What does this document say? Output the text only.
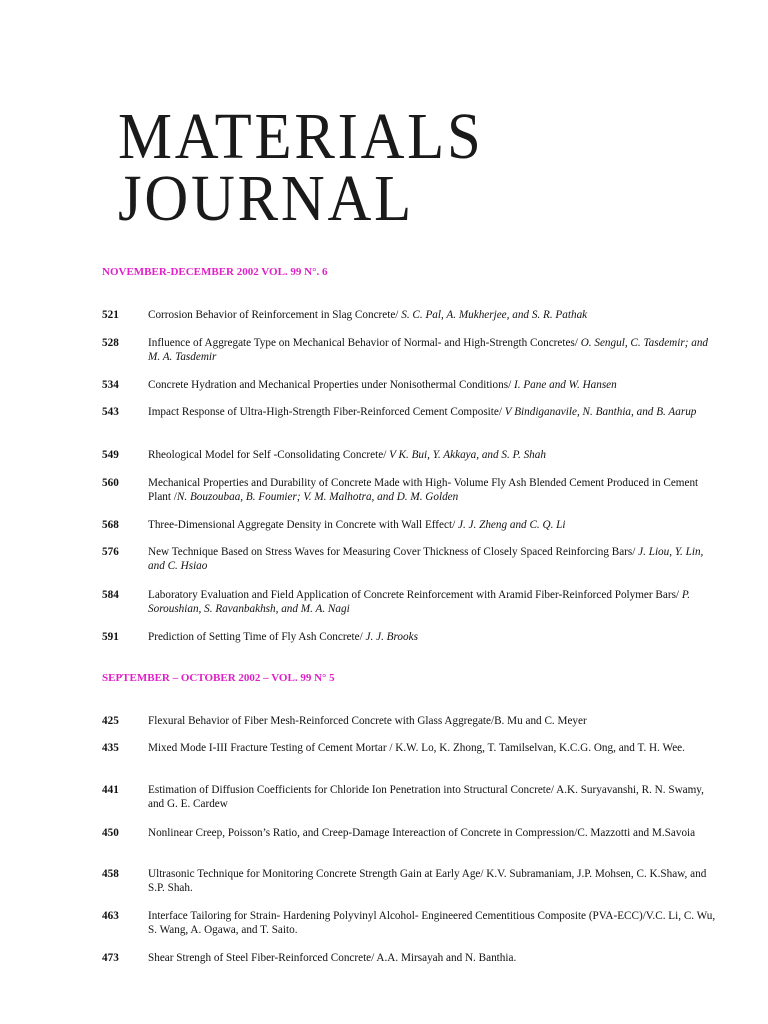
MATERIALS
JOURNAL
NOVEMBER-DECEMBER 2002 VOL. 99 N°. 6
521	Corrosion Behavior of Reinforcement in Slag Concrete/ S. C. Pal, A. Mukherjee, and S. R. Pathak
528	Influence of Aggregate Type on Mechanical Behavior of Normal- and High-Strength Concretes/ O. Sengul, C. Tasdemir; and M. A. Tasdemir
534	Concrete Hydration and Mechanical Properties under Nonisothermal Conditions/ I. Pane and W. Hansen
543	Impact Response of Ultra-High-Strength Fiber-Reinforced Cement Composite/ V Bindiganavile, N. Banthia, and B. Aarup
549	Rheological Model for Self -Consolidating Concrete/ V K. Bui, Y. Akkaya, and S. P. Shah
560	Mechanical Properties and Durability of Concrete Made with High- Volume Fly Ash Blended Cement Produced in Cement Plant /N. Bouzoubaa, B. Foumier; V. M. Malhotra, and D. M. Golden
568	Three-Dimensional Aggregate Density in Concrete with Wall Effect/ J. J. Zheng and C. Q. Li
576	New Technique Based on Stress Waves for Measuring Cover Thickness of Closely Spaced Reinforcing Bars/ J. Liou, Y. Lin, and C. Hsiao
584	Laboratory Evaluation and Field Application of Concrete Reinforcement with Aramid Fiber-Reinforced Polymer Bars/ P. Soroushian, S. Ravanbakhsh, and M. A. Nagi
591	Prediction of Setting Time of Fly Ash Concrete/ J. J. Brooks
SEPTEMBER – OCTOBER 2002 – VOL. 99 N° 5
425	Flexural Behavior of Fiber Mesh-Reinforced Concrete with Glass Aggregate/B. Mu and C. Meyer
435	Mixed Mode I-III Fracture Testing of Cement Mortar / K.W. Lo, K. Zhong, T. Tamilselvan, K.C.G. Ong, and T. H. Wee.
441	Estimation of Diffusion Coefficients for Chloride Ion Penetration into Structural Concrete/ A.K. Suryavanshi, R. N. Swamy, and G. E. Cardew
450	Nonlinear Creep, Poisson’s Ratio, and Creep-Damage Intereaction of Concrete in Compression/C. Mazzotti and M.Savoia
458	Ultrasonic Technique for Monitoring Concrete Strength Gain at Early Age/ K.V. Subramaniam, J.P. Mohsen, C. K.Shaw, and S.P. Shah.
463	Interface Tailoring for Strain- Hardening Polyvinyl Alcohol- Engineered Cementitious Composite (PVA-ECC)/V.C. Li, C. Wu, S. Wang, A. Ogawa, and T. Saito.
473	Shear Strengh of Steel Fiber-Reinforced Concrete/ A.A. Mirsayah and N. Banthia.
